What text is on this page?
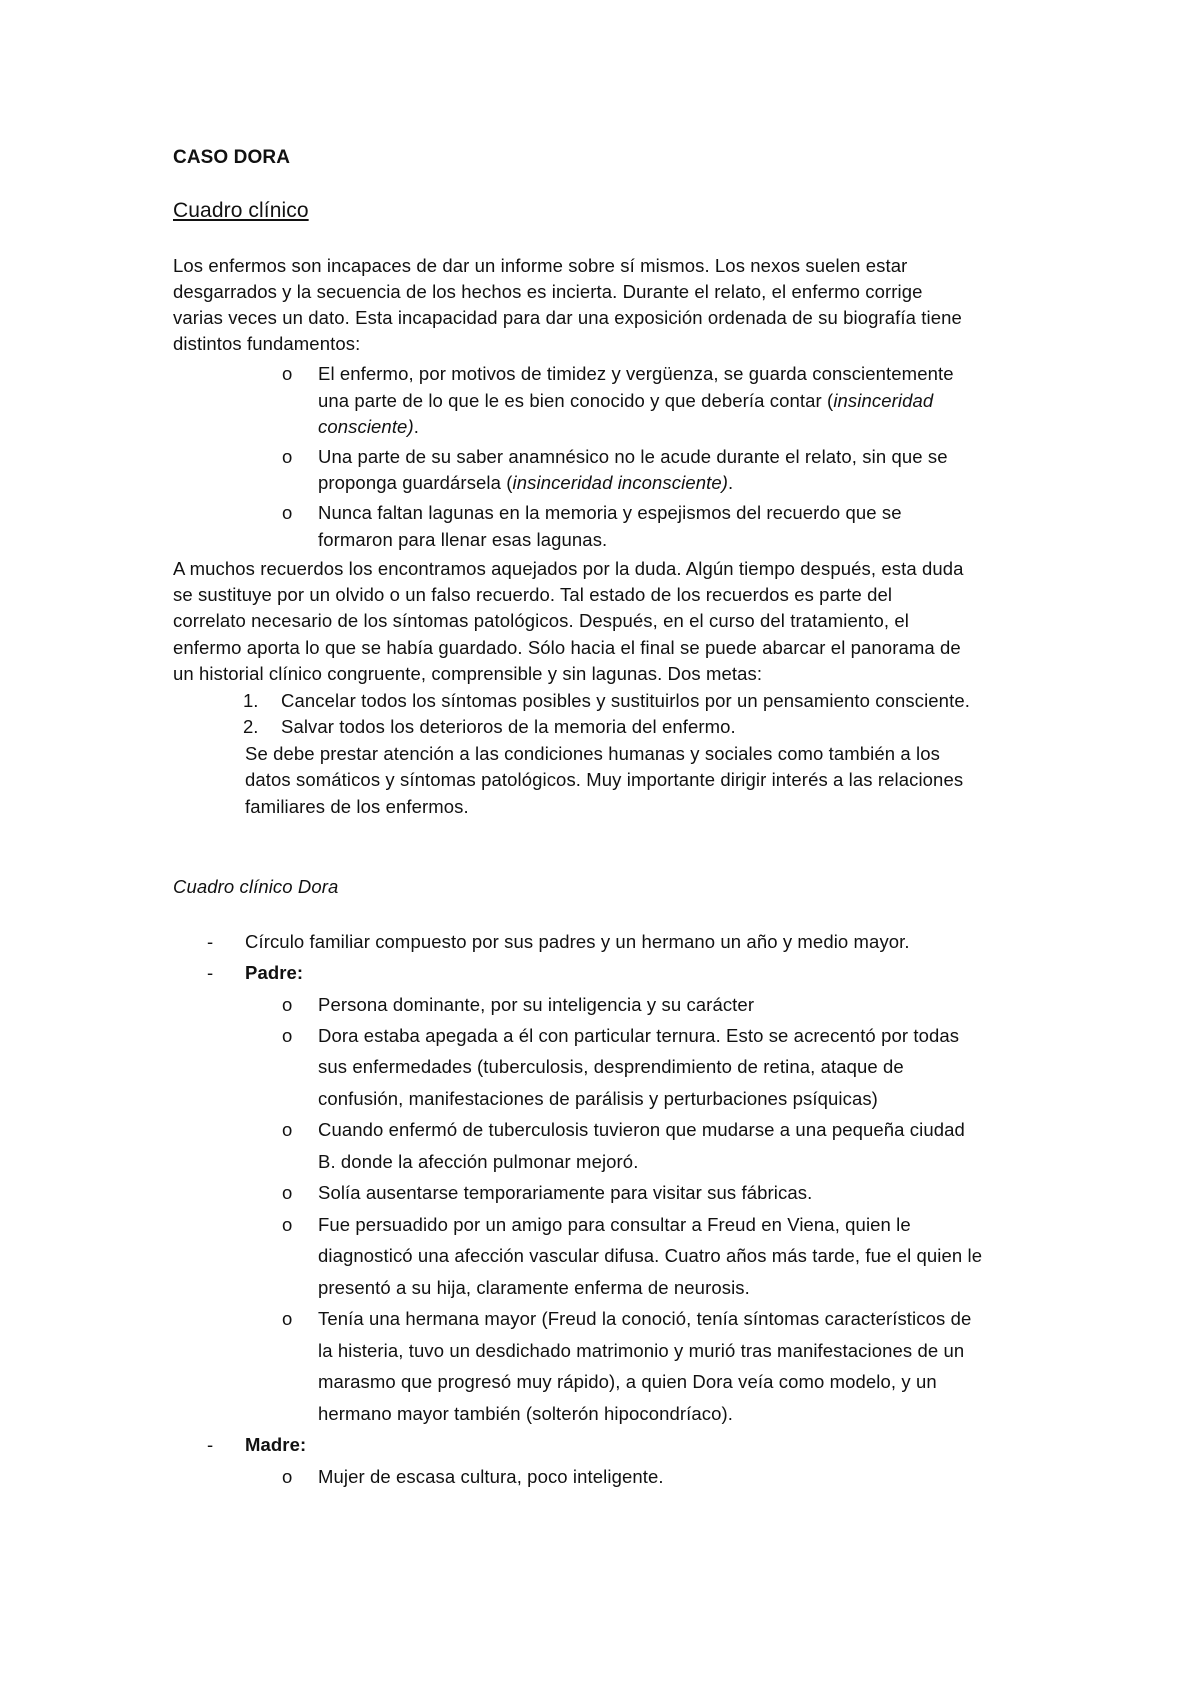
CASO DORA
Cuadro clínico
Los enfermos son incapaces de dar un informe sobre sí mismos. Los nexos suelen estar
desgarrados y la secuencia de los hechos es incierta. Durante el relato, el enfermo corrige
varias veces un dato. Esta incapacidad para dar una exposición ordenada de su biografía tiene
distintos fundamentos:
o El enfermo, por motivos de timidez y vergüenza, se guarda conscientemente
una parte de lo que le es bien conocido y que debería contar (insinceridad
consciente).
o Una parte de su saber anamnésico no le acude durante el relato, sin que se
proponga guardársela (insinceridad inconsciente).
o Nunca faltan lagunas en la memoria y espejismos del recuerdo que se
formaron para llenar esas lagunas.
A muchos recuerdos los encontramos aquejados por la duda. Algún tiempo después, esta duda
se sustituye por un olvido o un falso recuerdo. Tal estado de los recuerdos es parte del
correlato necesario de los síntomas patológicos. Después, en el curso del tratamiento, el
enfermo aporta lo que se había guardado. Sólo hacia el final se puede abarcar el panorama de
un historial clínico congruente, comprensible y sin lagunas. Dos metas:
1. Cancelar todos los síntomas posibles y sustituirlos por un pensamiento consciente.
2. Salvar todos los deterioros de la memoria del enfermo.
Se debe prestar atención a las condiciones humanas y sociales como también a los
datos somáticos y síntomas patológicos. Muy importante dirigir interés a las relaciones
familiares de los enfermos.
Cuadro clínico Dora
- Círculo familiar compuesto por sus padres y un hermano un año y medio mayor.
- Padre:
o Persona dominante, por su inteligencia y su carácter
o Dora estaba apegada a él con particular ternura. Esto se acrecentó por todas
sus enfermedades (tuberculosis, desprendimiento de retina, ataque de
confusión, manifestaciones de parálisis y perturbaciones psíquicas)
o Cuando enfermó de tuberculosis tuvieron que mudarse a una pequeña ciudad
B. donde la afección pulmonar mejoró.
o Solía ausentarse temporariamente para visitar sus fábricas.
o Fue persuadido por un amigo para consultar a Freud en Viena, quien le
diagnosticó una afección vascular difusa. Cuatro años más tarde, fue el quien le
presentó a su hija, claramente enferma de neurosis.
o Tenía una hermana mayor (Freud la conoció, tenía síntomas característicos de
la histeria, tuvo un desdichado matrimonio y murió tras manifestaciones de un
marasmo que progresó muy rápido), a quien Dora veía como modelo, y un
hermano mayor también (solterón hipocondríaco).
- Madre:
o Mujer de escasa cultura, poco inteligente.
